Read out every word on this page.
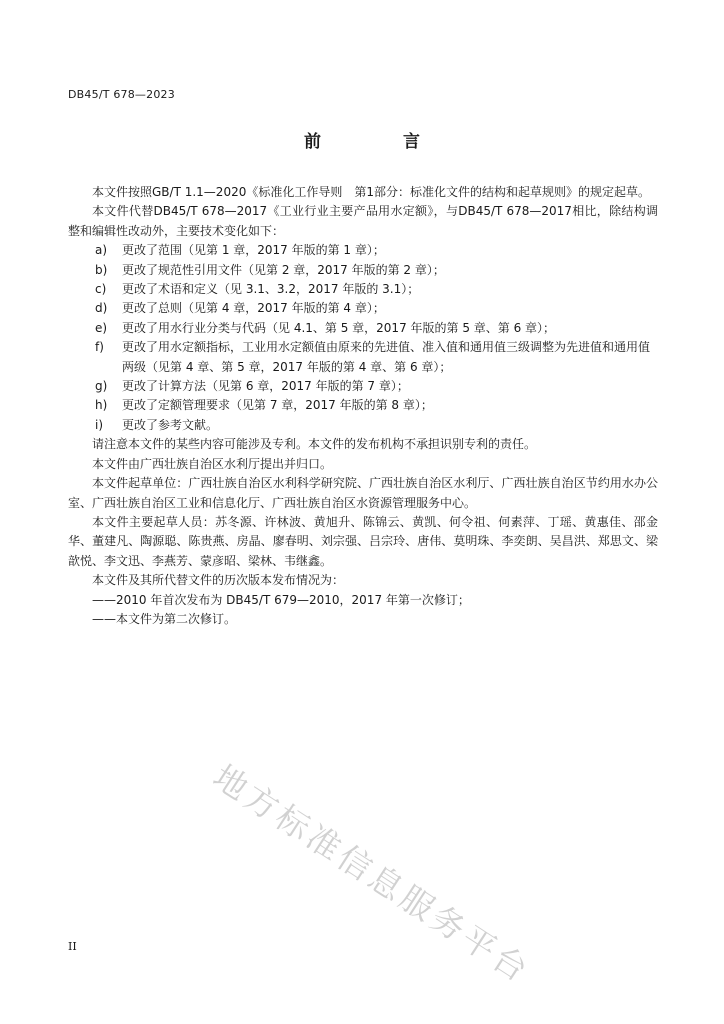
DB45/T 678—2023
前 言

本文件按照GB/T 1.1—2020《标准化工作导则　第1部分：标准化文件的结构和起草规则》的规定起草。

本文件代替DB45/T 678—2017《工业行业主要产品用水定额》，与DB45/T 678—2017相比，除结构调整和编辑性改动外，主要技术变化如下：

a) 更改了范围（见第 1 章，2017 年版的第 1 章）；

b) 更改了规范性引用文件（见第 2 章，2017 年版的第 2 章）；

c) 更改了术语和定义（见 3.1、3.2，2017 年版的 3.1）；

d) 更改了总则（见第 4 章，2017 年版的第 4 章）；

e) 更改了用水行业分类与代码（见 4.1、第 5 章，2017 年版的第 5 章、第 6 章）；

f) 更改了用水定额指标，工业用水定额值由原来的先进值、准入值和通用值三级调整为先进值和通用值两级（见第 4 章、第 5 章，2017 年版的第 4 章、第 6 章）；

g) 更改了计算方法（见第 6 章，2017 年版的第 7 章）；

h) 更改了定额管理要求（见第 7 章，2017 年版的第 8 章）；

i) 更改了参考文献。

请注意本文件的某些内容可能涉及专利。本文件的发布机构不承担识别专利的责任。

本文件由广西壮族自治区水利厅提出并归口。

本文件起草单位：广西壮族自治区水利科学研究院、广西壮族自治区水利厅、广西壮族自治区节约用水办公室、广西壮族自治区工业和信息化厅、广西壮族自治区水资源管理服务中心。

本文件主要起草人员：苏冬源、许林波、黄旭升、陈锦云、黄凯、何令祖、何素萍、丁瑶、黄惠佳、邵金华、董建凡、陶源聪、陈贵燕、房晶、廖春明、刘宗强、吕宗玲、唐伟、莫明珠、李奕朗、吴昌洪、郑思文、梁歆悦、李文迅、李燕芳、蒙彦昭、梁林、韦继鑫。

本文件及其所代替文件的历次版本发布情况为：

——2010 年首次发布为 DB45/T 679—2010，2017 年第一次修订；

——本文件为第二次修订。

地方标准信息服务平台
II
